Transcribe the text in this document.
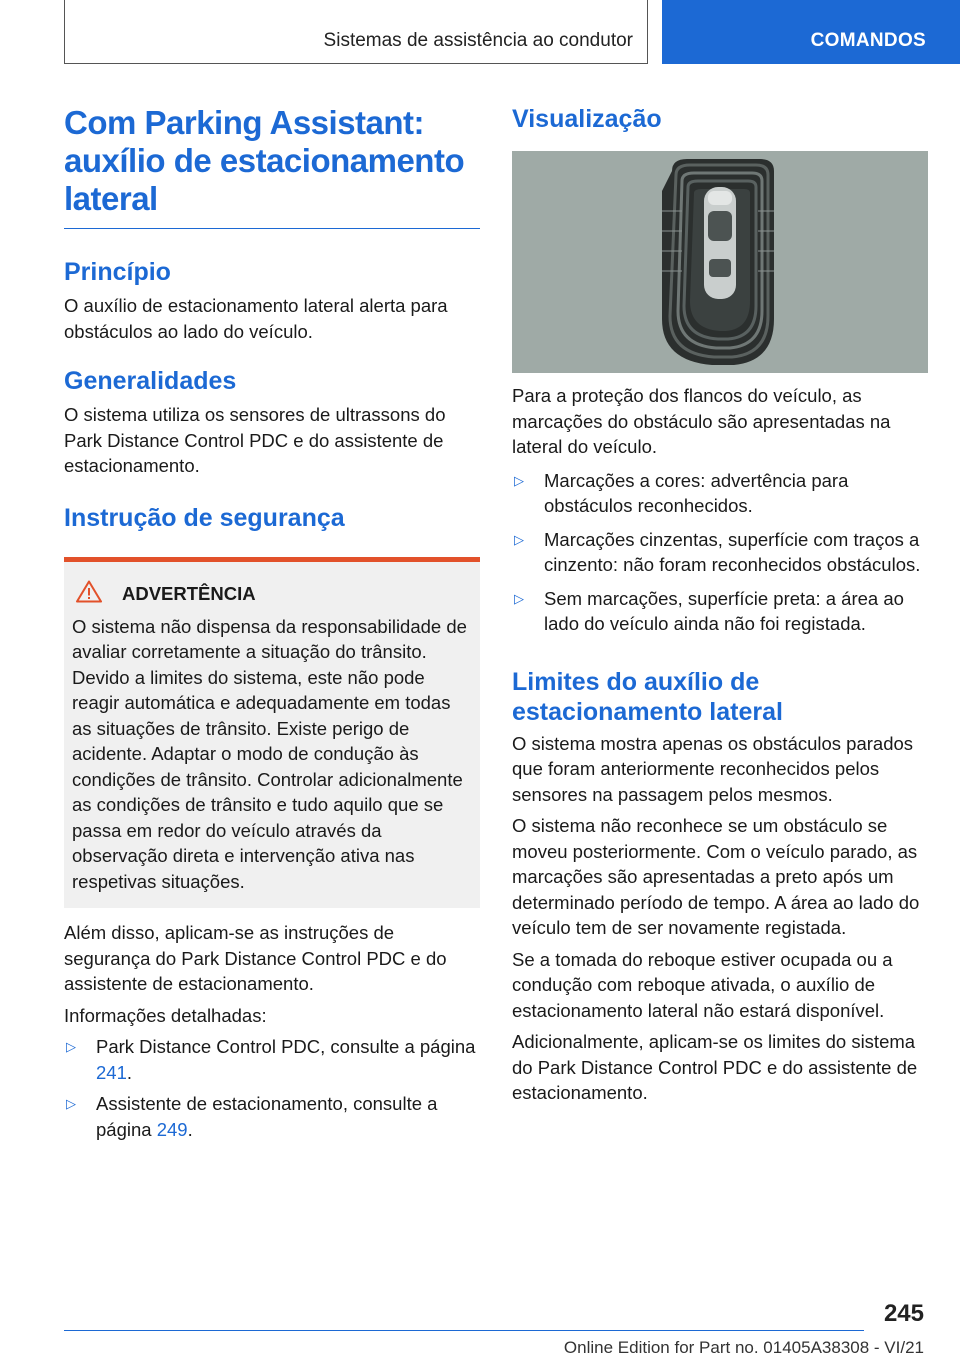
Sistemas de assistência ao condutor	COMANDOS
Com Parking Assistant:
auxílio de estacionamento
lateral
Princípio

O auxílio de estacionamento lateral alerta para obstáculos ao lado do veículo.

Generalidades

O sistema utiliza os sensores de ultrassons do Park Distance Control PDC e do assistente de estacionamento.

Instrução de segurança
ADVERTÊNCIA

O sistema não dispensa da responsabilidade de avaliar corretamente a situação do trânsito. Devido a limites do sistema, este não pode reagir automática e adequadamente em todas as situações de trânsito. Existe perigo de acidente. Adaptar o modo de condução às condições de trânsito. Controlar adicionalmente as condições de trânsito e tudo aquilo que se passa em redor do veículo através da observação direta e intervenção ativa nas respetivas situações.

Além disso, aplicam-se as instruções de segurança do Park Distance Control PDC e do assistente de estacionamento.

Informações detalhadas:

▷	Park Distance Control PDC, consulte a página 241.

▷	Assistente de estacionamento, consulte a página 249.

Visualização

Para a proteção dos flancos do veículo, as marcações do obstáculo são apresentadas na lateral do veículo.

▷	Marcações a cores: advertência para obstáculos reconhecidos.

▷	Marcações cinzentas, superfície com traços a cinzento: não foram reconhecidos obstáculos.

▷	Sem marcações, superfície preta: a área ao lado do veículo ainda não foi registada.

Limites do auxílio de
estacionamento lateral

O sistema mostra apenas os obstáculos parados que foram anteriormente reconhecidos pelos sensores na passagem pelos mesmos.

O sistema não reconhece se um obstáculo se moveu posteriormente. Com o veículo parado, as marcações são apresentadas a preto após um determinado período de tempo. A área ao lado do veículo tem de ser novamente registada.

Se a tomada do reboque estiver ocupada ou a condução com reboque ativada, o auxílio de estacionamento lateral não estará disponível.

Adicionalmente, aplicam-se os limites do sistema do Park Distance Control PDC e do assistente de estacionamento.

245
Online Edition for Part no. 01405A38308 - VI/21
